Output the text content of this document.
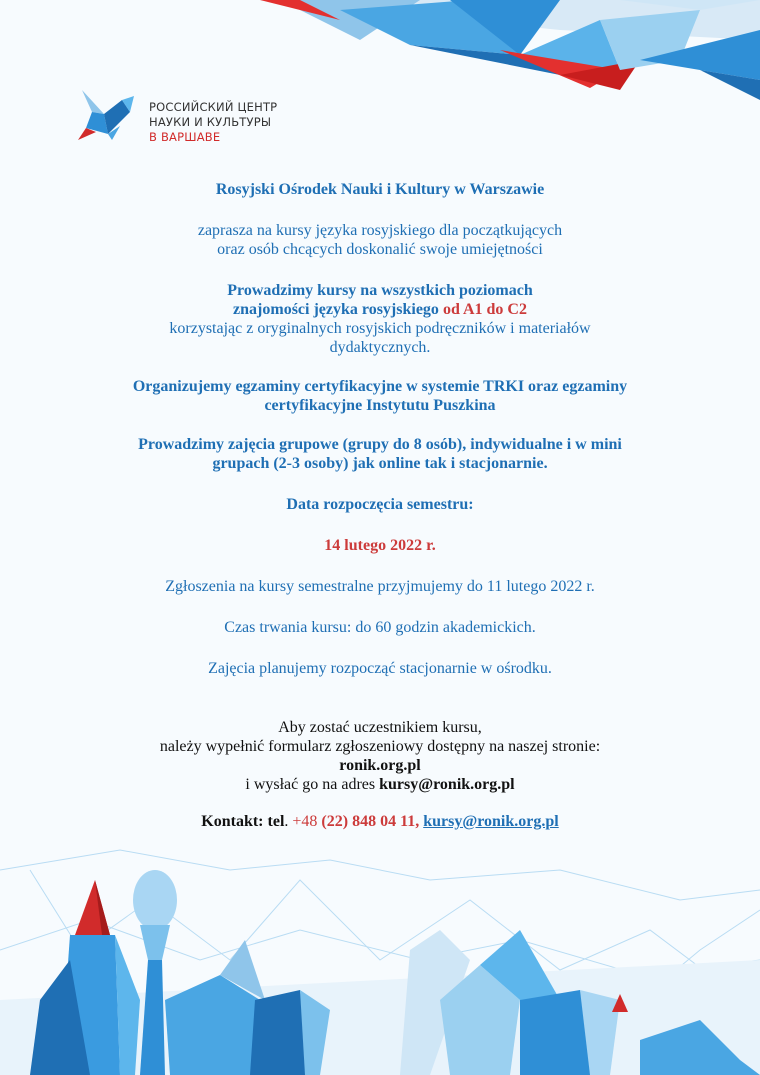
РОССИЙСКИЙ ЦЕНТР
НАУКИ И КУЛЬТУРЫ
В ВАРШАВЕ

Rosyjski Ośrodek Nauki i Kultury w Warszawie

zaprasza na kursy języka rosyjskiego dla początkujących

oraz osób chcących doskonalić swoje umiejętności

Prowadzimy kursy na wszystkich poziomach

znajomości języka rosyjskiego od A1 do C2

korzystając z oryginalnych rosyjskich podręczników i materiałów

dydaktycznych.

Organizujemy egzaminy certyfikacyjne w systemie TRKI oraz egzaminy

certyfikacyjne Instytutu Puszkina

Prowadzimy zajęcia grupowe (grupy do 8 osób), indywidualne i w mini

grupach (2-3 osoby) jak online tak i stacjonarnie.

Data rozpoczęcia semestru:

14 lutego 2022 r.

Zgłoszenia na kursy semestralne przyjmujemy do 11 lutego 2022 r.

Czas trwania kursu: do 60 godzin akademickich.

Zajęcia planujemy rozpocząć stacjonarnie w ośrodku.

Aby zostać uczestnikiem kursu,

należy wypełnić formularz zgłoszeniowy dostępny na naszej stronie:

ronik.org.pl

i wysłać go na adres kursy@ronik.org.pl

Kontakt: tel. +48 (22) 848 04 11, kursy@ronik.org.pl
